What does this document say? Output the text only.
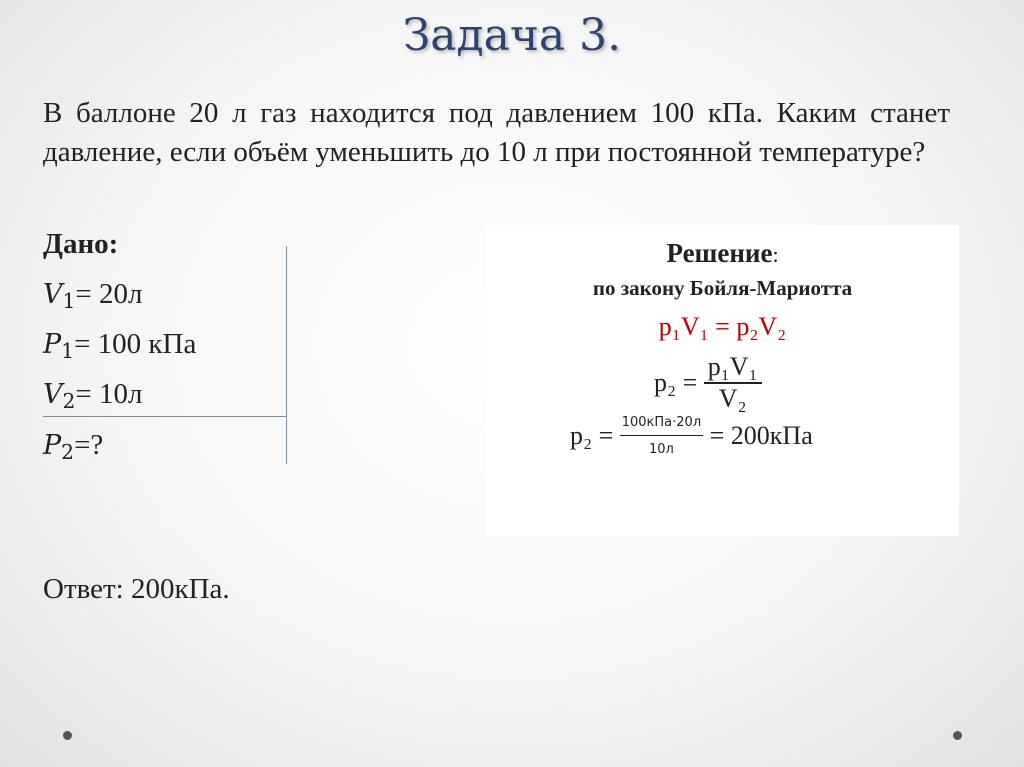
Задача 3.

В баллоне 20 л газ находится под давлением 100 кПа. Каким станет давление, если объём уменьшить до 10 л при постоянной температуре?

Дано:
V1= 20л
P1= 100 кПа
V2= 10л
P2=?
Решение:
по закону Бойля-Мариотта
p₁V₁ = p₂V₂
$p_2 = \frac{\text{p₁V₁}}{\text{V₂}}$
$p_2 = \frac{\text{100кПа·20л}}{10л} = 200кПа$
Ответ: 200кПа.
